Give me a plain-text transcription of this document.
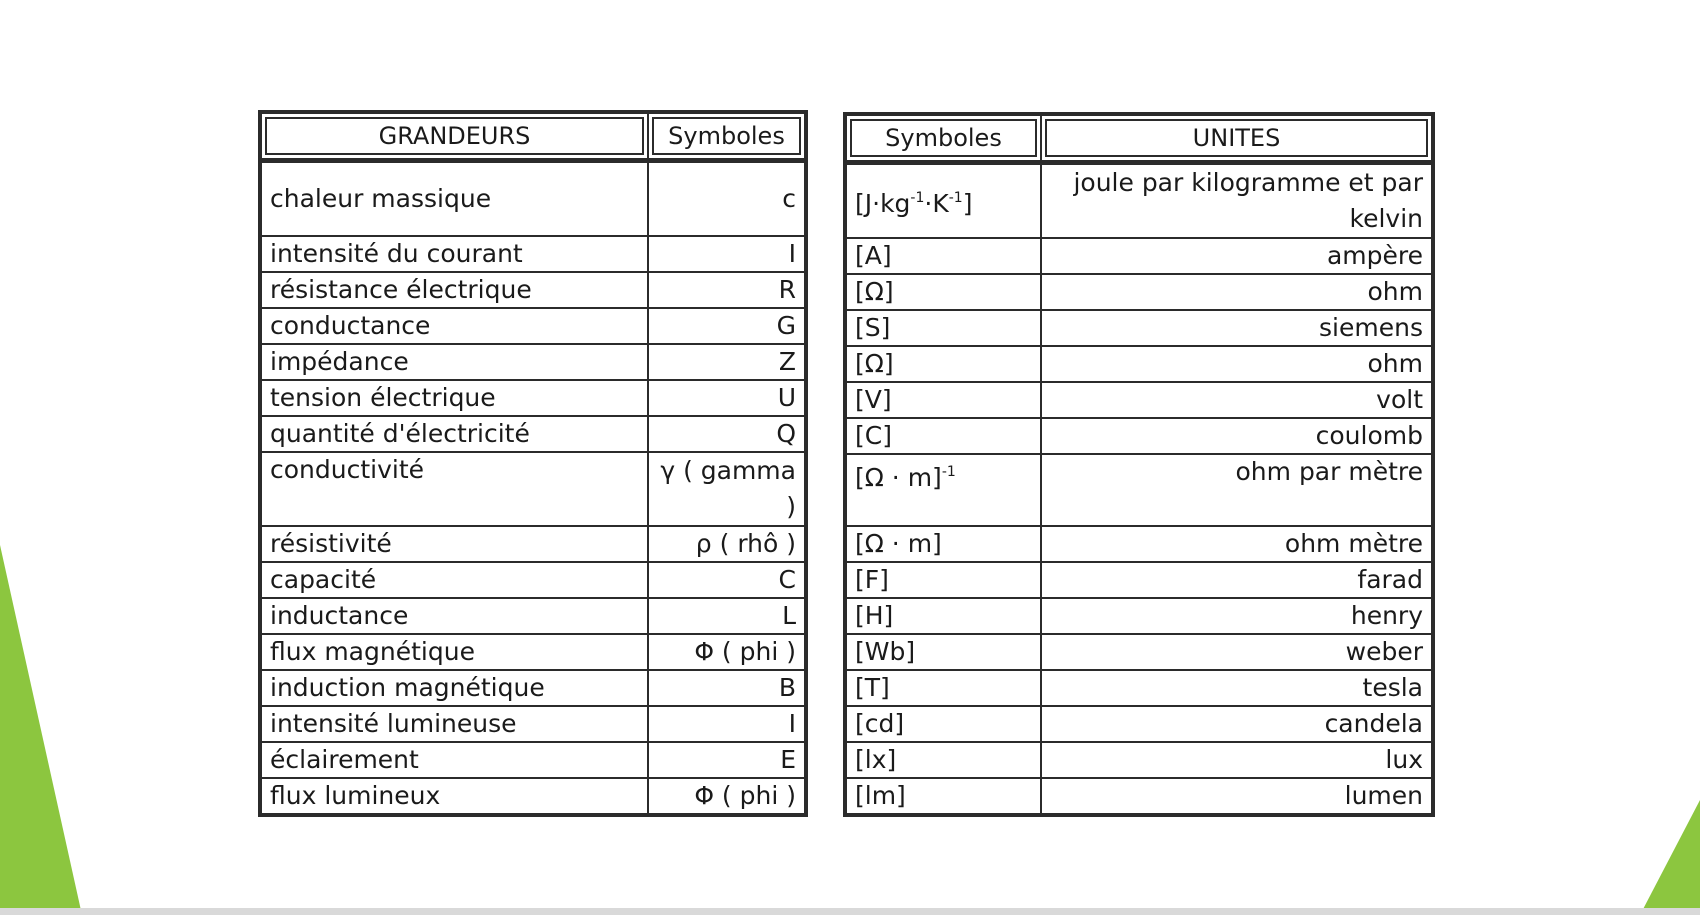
GRANDEURS	Symboles
chaleur massique	c
intensité du courant	I
résistance électrique	R
conductance	G
impédance	Z
tension électrique	U
quantité d'électricité	Q
conductivité	γ ( gamma
)

résistivité	ρ ( rhô )
capacité	C
inductance	L
flux magnétique	Φ ( phi )
induction magnétique	B
intensité lumineuse	I
éclairement	E
flux lumineux	Φ ( phi )
Symboles	UNITES
$[J\cdot kg^{-1}\cdot K^{-1}]$	joule par kilogramme et par
kelvin

[A]	ampère
[Ω]	ohm
[S]	siemens
[Ω]	ohm
[V]	volt
[C]	coulomb
$[\Omega \cdot m]^{-1}$	ohm par mètre
[Ω · m]	ohm mètre
[F]	farad
[H]	henry
[Wb]	weber
[T]	tesla
[cd]	candela
[lx]	lux
[lm]	lumen
